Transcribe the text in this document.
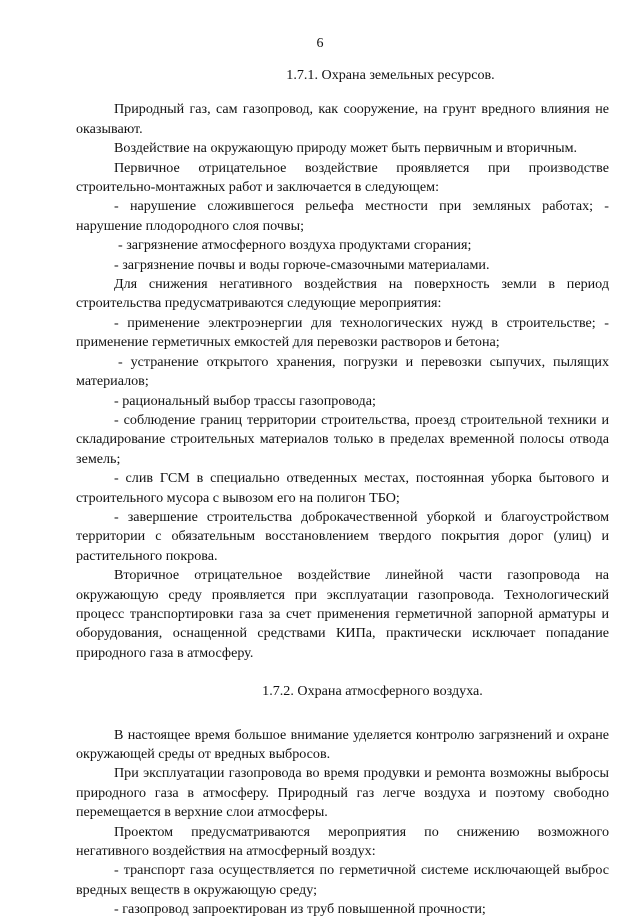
6
1.7.1. Охрана земельных ресурсов.

Природный газ, сам газопровод, как сооружение, на грунт вредного влияния не оказывают.

Воздействие на окружающую природу может быть первичным и вторичным.

Первичное отрицательное воздействие проявляется при производстве строительно-монтажных работ и заключается в следующем:

- нарушение сложившегося рельефа местности при земляных работах; - нарушение плодородного слоя почвы;

- загрязнение атмосферного воздуха продуктами сгорания;

- загрязнение почвы и воды горюче-смазочными материалами.

Для снижения негативного воздействия на поверхность земли в период строительства предусматриваются следующие мероприятия:

- применение электроэнергии для технологических нужд в строительстве; - применение герметичных емкостей для перевозки растворов и бетона;

- устранение открытого хранения, погрузки и перевозки сыпучих, пылящих материалов;

- рациональный выбор трассы газопровода;

- соблюдение границ территории строительства, проезд строительной техники и складирование строительных материалов только в пределах временной полосы отвода земель;

- слив ГСМ в специально отведенных местах, постоянная уборка бытового и строительного мусора с вывозом его на полигон ТБО;

- завершение строительства доброкачественной уборкой и благоустройством территории с обязательным восстановлением твердого покрытия дорог (улиц) и растительного покрова.

Вторичное отрицательное воздействие линейной части газопровода на окружающую среду проявляется при эксплуатации газопровода. Технологический процесс транспортировки газа за счет применения герметичной запорной арматуры и оборудования, оснащенной средствами КИПа, практически исключает попадание природного газа в атмосферу.

1.7.2. Охрана атмосферного воздуха.

В настоящее время большое внимание уделяется контролю загрязнений и охране окружающей среды от вредных выбросов.

При эксплуатации газопровода во время продувки и ремонта возможны выбросы природного газа в атмосферу. Природный газ легче воздуха и поэтому свободно перемещается в верхние слои атмосферы.

Проектом предусматриваются мероприятия по снижению возможного негативного воздействия на атмосферный воздух:

- транспорт газа осуществляется по герметичной системе исключающей выброс вредных веществ в окружающую среду;

- газопровод запроектирован из труб повышенной прочности;
